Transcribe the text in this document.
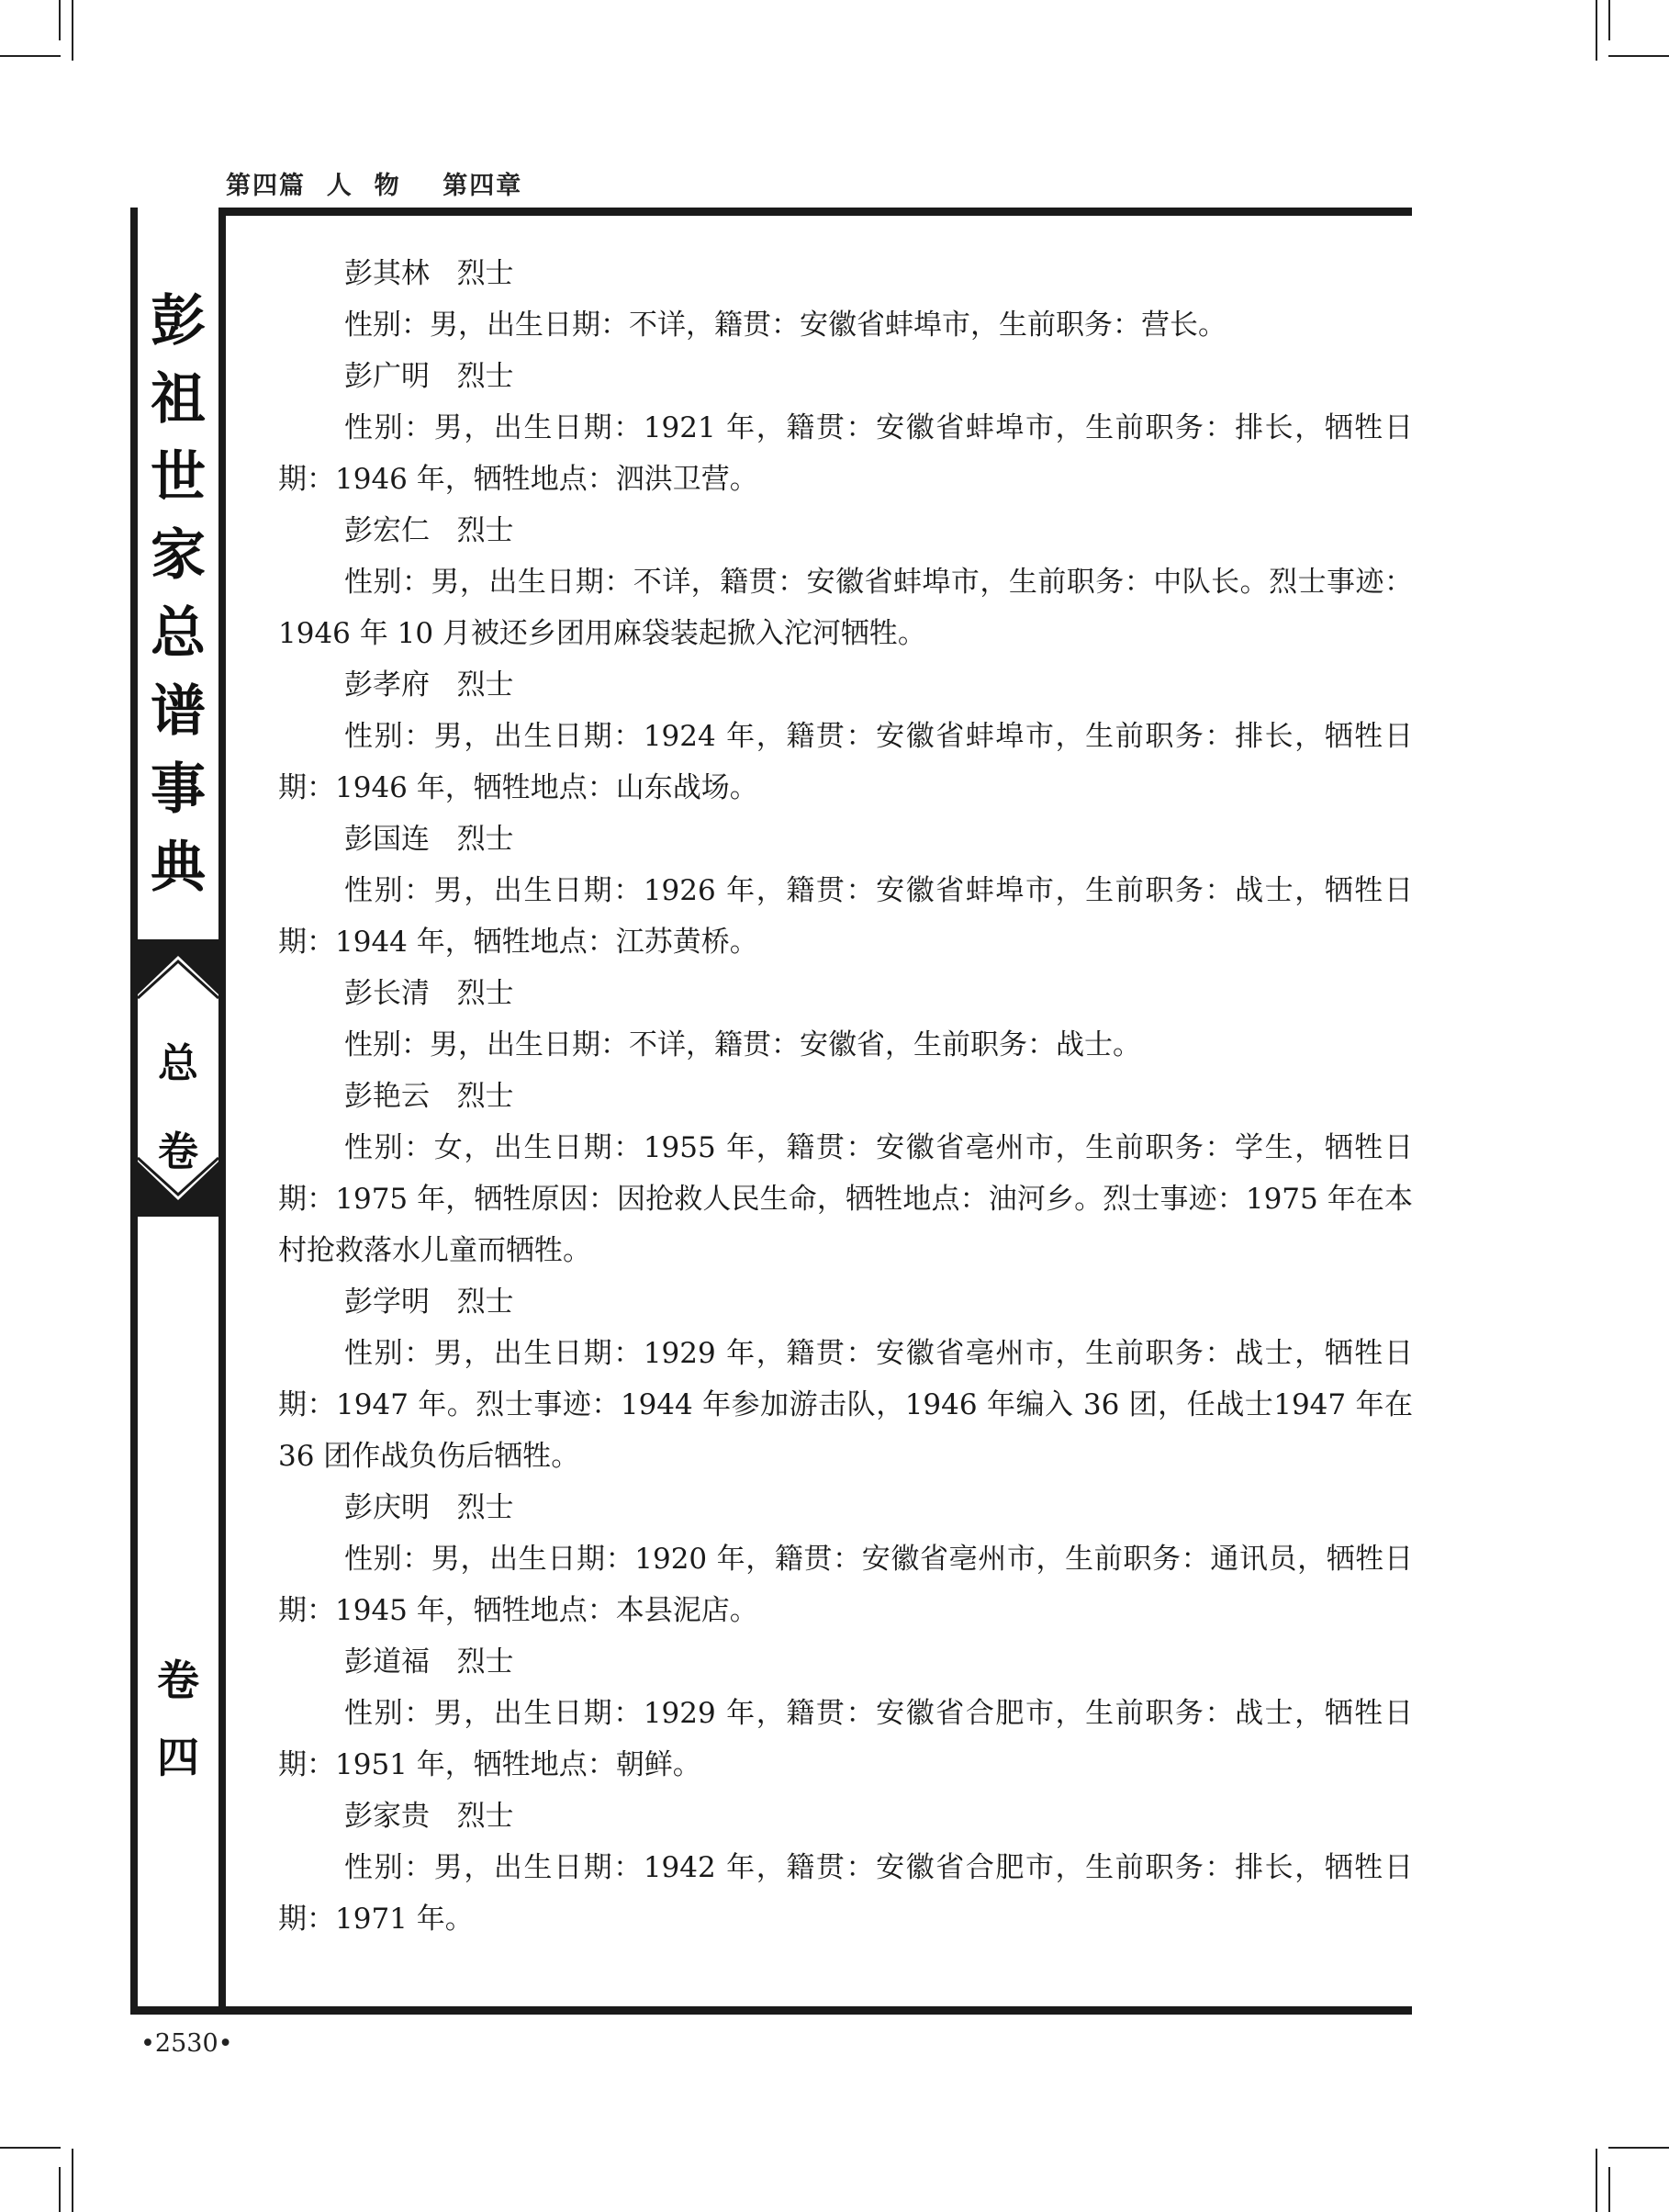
第四篇  人  物    第四章
彭
祖
世
家
总
谱
事
典
总
卷
卷
四
彭其林 烈士

性别：男，出生日期：不详，籍贯：安徽省蚌埠市，生前职务：营长。

彭广明 烈士

性别：男，出生日期：1921 年，籍贯：安徽省蚌埠市，生前职务：排长，牺牲日期：1946 年，牺牲地点：泗洪卫营。

彭宏仁 烈士

性别：男，出生日期：不详，籍贯：安徽省蚌埠市，生前职务：中队长。烈士事迹：1946 年 10 月被还乡团用麻袋装起掀入沱河牺牲。

彭孝府 烈士

性别：男，出生日期：1924 年，籍贯：安徽省蚌埠市，生前职务：排长，牺牲日期：1946 年，牺牲地点：山东战场。

彭国连 烈士

性别：男，出生日期：1926 年，籍贯：安徽省蚌埠市，生前职务：战士，牺牲日期：1944 年，牺牲地点：江苏黄桥。

彭长清 烈士

性别：男，出生日期：不详，籍贯：安徽省，生前职务：战士。

彭艳云 烈士

性别：女，出生日期：1955 年，籍贯：安徽省亳州市，生前职务：学生，牺牲日期：1975 年，牺牲原因：因抢救人民生命，牺牲地点：油河乡。烈士事迹：1975 年在本村抢救落水儿童而牺牲。

彭学明 烈士

性别：男，出生日期：1929 年，籍贯：安徽省亳州市，生前职务：战士，牺牲日期：1947 年。烈士事迹：1944 年参加游击队，1946 年编入 36 团，任战士1947 年在 36 团作战负伤后牺牲。

彭庆明 烈士

性别：男，出生日期：1920 年，籍贯：安徽省亳州市，生前职务：通讯员，牺牲日期：1945 年，牺牲地点：本县泥店。

彭道福 烈士

性别：男，出生日期：1929 年，籍贯：安徽省合肥市，生前职务：战士，牺牲日期：1951 年，牺牲地点：朝鲜。

彭家贵 烈士

性别：男，出生日期：1942 年，籍贯：安徽省合肥市，生前职务：排长，牺牲日期：1971 年。

•2530•
